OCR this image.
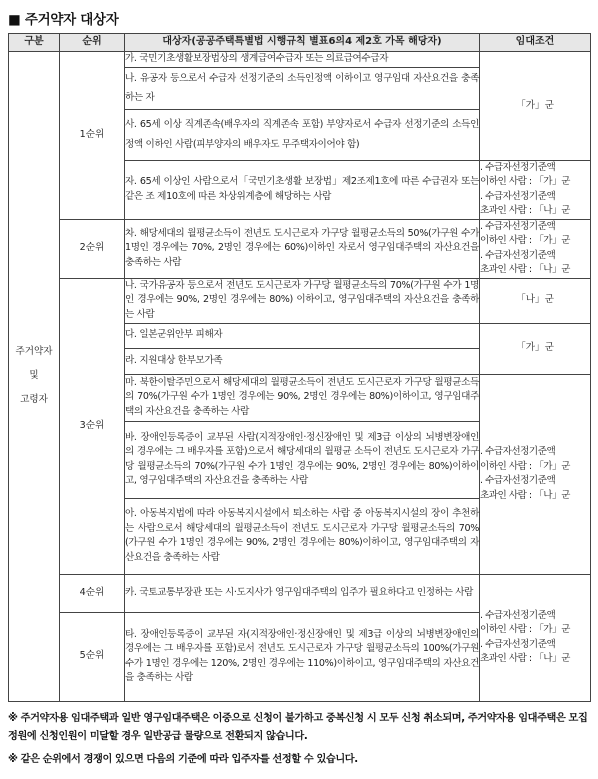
■ 주거약자 대상자
구분	순위	대상자(공공주택특별법 시행규칙 별표6의4 제2호 가목 해당자)	임대조건
주거약자
및
고령자	1순위	가. 국민기초생활보장법상의 생계급여수급자 또는 의료급여수급자	「가」군
		나. 유공자 등으로서 수급자 선정기준의 소득인정액 이하이고 영구임대 자산요건을 충족하는 자	
		사. 65세 이상 직계존속(배우자의 직계존속 포함) 부양자로서 수급자 선정기준의 소득인정액 이하인 사람(피부양자의 배우자도 무주택자이어야 함)	
		자. 65세 이상인 사람으로서「국민기초생활 보장법」제2조제1호에 따른 수급권자 또는 같은 조 제10호에 따른 차상위계층에 해당하는 사람	. 수급자선정기준액
이하인 사람 : 「가」군
. 수급자선정기준액
초과인 사람 : 「나」군
	2순위	차. 해당세대의 월평균소득이 전년도 도시근로자 가구당 월평균소득의 50%(가구원 수가 1명인 경우에는 70%, 2명인 경우에는 60%)이하인 자로서 영구임대주택의 자산요건을 충족하는 사람	. 수급자선정기준액
이하인 사람 : 「가」군
. 수급자선정기준액
초과인 사람 : 「나」군
	3순위	나. 국가유공자 등으로서 전년도 도시근로자 가구당 월평균소득의 70%(가구원 수가 1명인 경우에는 90%, 2명인 경우에는 80%) 이하이고, 영구임대주택의 자산요건을 충족하는 사람	「나」군
		다. 일본군위안부 피해자	「가」군
		라. 지원대상 한부모가족	
		마. 북한이탈주민으로서 해당세대의 월평균소득이 전년도 도시근로자 가구당 월평균소득의 70%(가구원 수가 1명인 경우에는 90%, 2명인 경우에는 80%)이하이고, 영구임대주택의 자산요건을 충족하는 사람	. 수급자선정기준액
이하인 사람 : 「가」군
. 수급자선정기준액
초과인 사람 : 「나」군
		바. 장애인등록증이 교부된 사람(지적장애인·정신장애인 및 제3급 이상의 뇌병변장애인의 경우에는 그 배우자를 포함)으로서 해당세대의 월평균 소득이 전년도 도시근로자 가구당 월평균소득의 70%(가구원 수가 1명인 경우에는 90%, 2명인 경우에는 80%)이하이고, 영구임대주택의 자산요건을 충족하는 사람	
		아. 아동복지법에 따라 아동복지시설에서 퇴소하는 사람 중 아동복지시설의 장이 추천하는 사람으로서 해당세대의 월평균소득이 전년도 도시근로자 가구당 월평균소득의 70%(가구원 수가 1명인 경우에는 90%, 2명인 경우에는 80%)이하이고, 영구임대주택의 자산요건을 충족하는 사람	
	4순위	카. 국토교통부장관 또는 시·도지사가 영구임대주택의 입주가 필요하다고 인정하는 사람	. 수급자선정기준액
이하인 사람 : 「가」군
. 수급자선정기준액
초과인 사람 : 「나」군
	5순위	타. 장애인등록증이 교부된 자(지적장애인·정신장애인 및 제3급 이상의 뇌병변장애인의 경우에는 그 배우자를 포함)로서 전년도 도시근로자 가구당 월평균소득의 100%(가구원 수가 1명인 경우에는 120%, 2명인 경우에는 110%)이하이고, 영구임대주택의 자산요건을 충족하는 사람	
※ 주거약자용 임대주택과 일반 영구임대주택은 이중으로 신청이 불가하고 중복신청 시 모두 신청 취소되며, 주거약자용 임대주택은 모집정원에 신청인원이 미달할 경우 일반공급 물량으로 전환되지 않습니다.
※ 같은 순위에서 경쟁이 있으면 다음의 기준에 따라 입주자를 선정할 수 있습니다.
